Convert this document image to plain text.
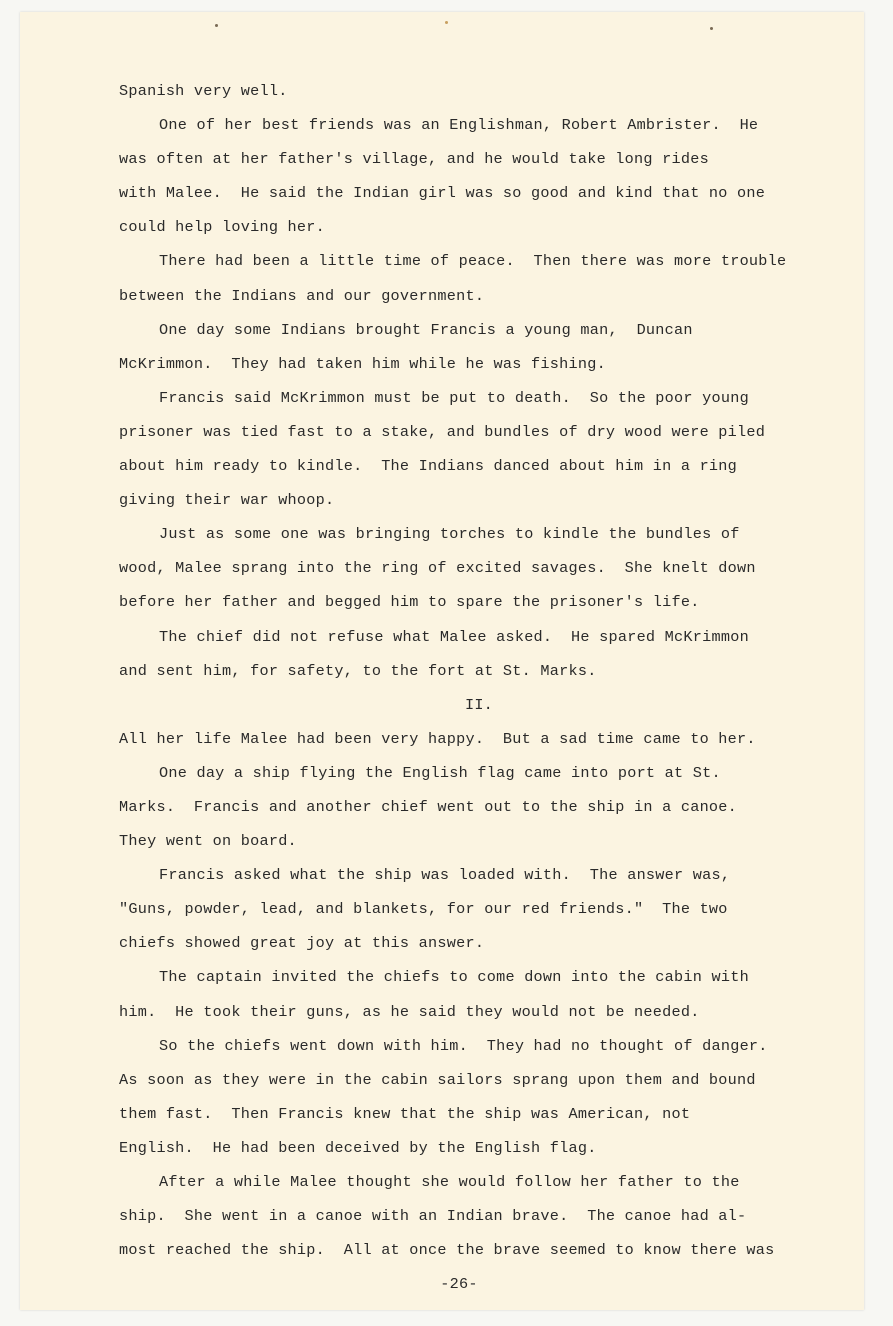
Spanish very well.
One of her best friends was an Englishman, Robert Ambrister.  He
was often at her father's village, and he would take long rides
with Malee.  He said the Indian girl was so good and kind that no one
could help loving her.
There had been a little time of peace.  Then there was more trouble
between the Indians and our government.
One day some Indians brought Francis a young man,  Duncan
McKrimmon.  They had taken him while he was fishing.
Francis said McKrimmon must be put to death.  So the poor young
prisoner was tied fast to a stake, and bundles of dry wood were piled
about him ready to kindle.  The Indians danced about him in a ring
giving their war whoop.
Just as some one was bringing torches to kindle the bundles of
wood, Malee sprang into the ring of excited savages.  She knelt down
before her father and begged him to spare the prisoner's life.
The chief did not refuse what Malee asked.  He spared McKrimmon
and sent him, for safety, to the fort at St. Marks.
II.
All her life Malee had been very happy.  But a sad time came to her.
One day a ship flying the English flag came into port at St.
Marks.  Francis and another chief went out to the ship in a canoe.
They went on board.
Francis asked what the ship was loaded with.  The answer was,
"Guns, powder, lead, and blankets, for our red friends."  The two
chiefs showed great joy at this answer.
The captain invited the chiefs to come down into the cabin with
him.  He took their guns, as he said they would not be needed.
So the chiefs went down with him.  They had no thought of danger.
As soon as they were in the cabin sailors sprang upon them and bound
them fast.  Then Francis knew that the ship was American, not
English.  He had been deceived by the English flag.
After a while Malee thought she would follow her father to the
ship.  She went in a canoe with an Indian brave.  The canoe had al-
most reached the ship.  All at once the brave seemed to know there was
-26-
